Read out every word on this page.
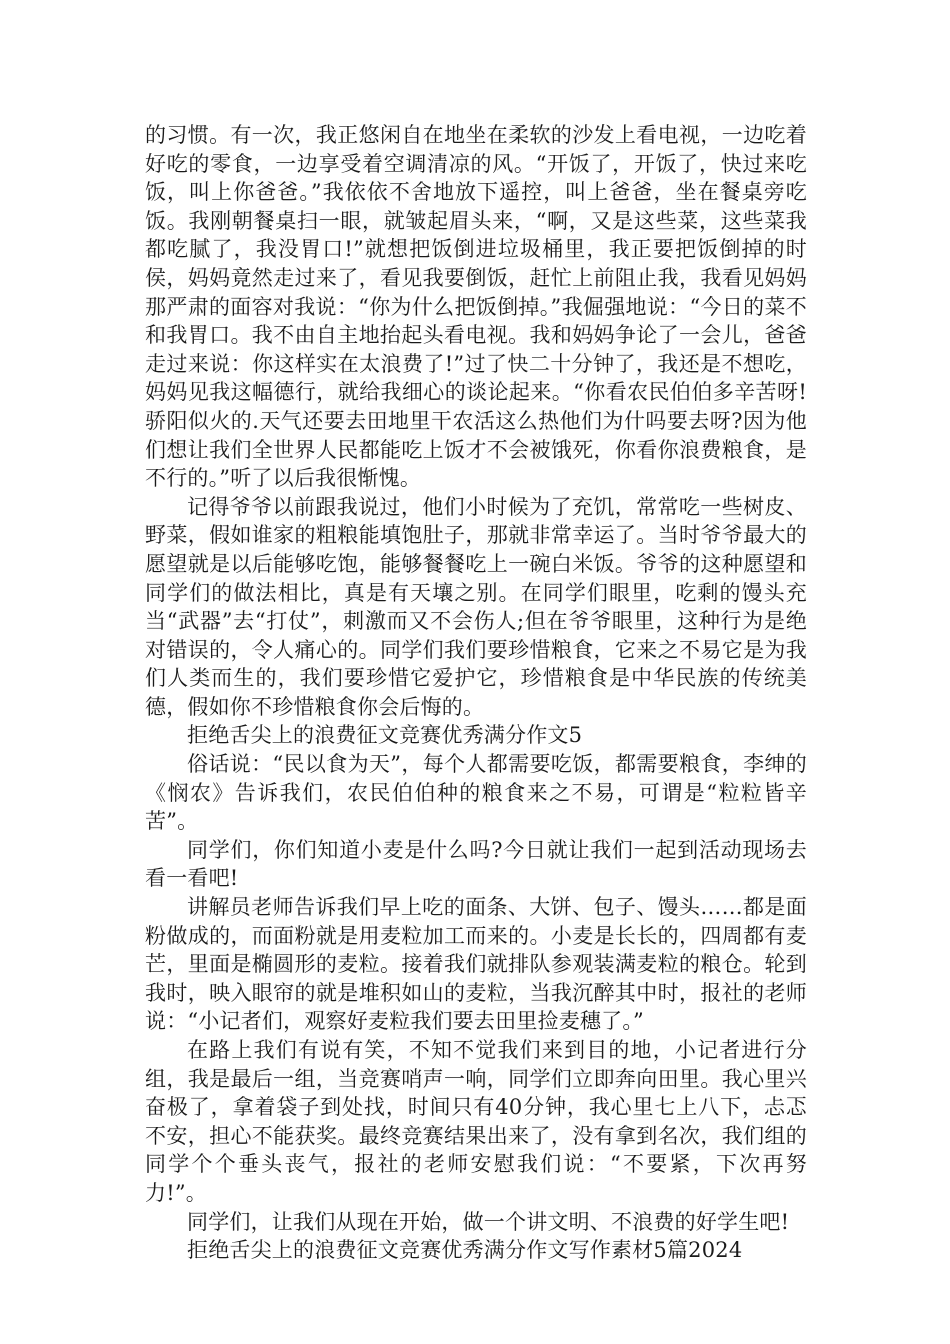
的习惯。有一次，我正悠闲自在地坐在柔软的沙发上看电视，一边吃着好吃的零食，一边享受着空调清凉的风。“开饭了，开饭了，快过来吃饭，叫上你爸爸。”我依依不舍地放下遥控，叫上爸爸，坐在餐桌旁吃饭。我刚朝餐桌扫一眼，就皱起眉头来，“啊，又是这些菜，这些菜我都吃腻了，我没胃口!”就想把饭倒进垃圾桶里，我正要把饭倒掉的时侯，妈妈竟然走过来了，看见我要倒饭，赶忙上前阻止我，我看见妈妈那严肃的面容对我说：“你为什么把饭倒掉。”我倔强地说：“今日的菜不和我胃口。我不由自主地抬起头看电视。我和妈妈争论了一会儿，爸爸走过来说：你这样实在太浪费了!”过了快二十分钟了，我还是不想吃，妈妈见我这幅德行，就给我细心的谈论起来。“你看农民伯伯多辛苦呀!骄阳似火的.天气还要去田地里干农活这么热他们为什吗要去呀?因为他们想让我们全世界人民都能吃上饭才不会被饿死，你看你浪费粮食，是不行的。”听了以后我很惭愧。

记得爷爷以前跟我说过，他们小时候为了充饥，常常吃一些树皮、野菜，假如谁家的粗粮能填饱肚子，那就非常幸运了。当时爷爷最大的愿望就是以后能够吃饱，能够餐餐吃上一碗白米饭。爷爷的这种愿望和同学们的做法相比，真是有天壤之别。在同学们眼里，吃剩的馒头充当“武器”去“打仗”，刺激而又不会伤人;但在爷爷眼里，这种行为是绝对错误的，令人痛心的。同学们我们要珍惜粮食，它来之不易它是为我们人类而生的，我们要珍惜它爱护它，珍惜粮食是中华民族的传统美德，假如你不珍惜粮食你会后悔的。

拒绝舌尖上的浪费征文竞赛优秀满分作文5

俗话说：“民以食为天”，每个人都需要吃饭，都需要粮食，李绅的《悯农》告诉我们，农民伯伯种的粮食来之不易，可谓是“粒粒皆辛苦”。

同学们，你们知道小麦是什么吗?今日就让我们一起到活动现场去看一看吧!

讲解员老师告诉我们早上吃的面条、大饼、包子、馒头……都是面粉做成的，而面粉就是用麦粒加工而来的。小麦是长长的，四周都有麦芒，里面是椭圆形的麦粒。接着我们就排队参观装满麦粒的粮仓。轮到我时，映入眼帘的就是堆积如山的麦粒，当我沉醉其中时，报社的老师说：“小记者们，观察好麦粒我们要去田里捡麦穗了。”

在路上我们有说有笑，不知不觉我们来到目的地，小记者进行分组，我是最后一组，当竞赛哨声一响，同学们立即奔向田里。我心里兴奋极了，拿着袋子到处找，时间只有40分钟，我心里七上八下，忐忑不安，担心不能获奖。最终竞赛结果出来了，没有拿到名次，我们组的同学个个垂头丧气，报社的老师安慰我们说：“不要紧，下次再努力!”。

同学们，让我们从现在开始，做一个讲文明、不浪费的好学生吧!

拒绝舌尖上的浪费征文竞赛优秀满分作文写作素材5篇2024
